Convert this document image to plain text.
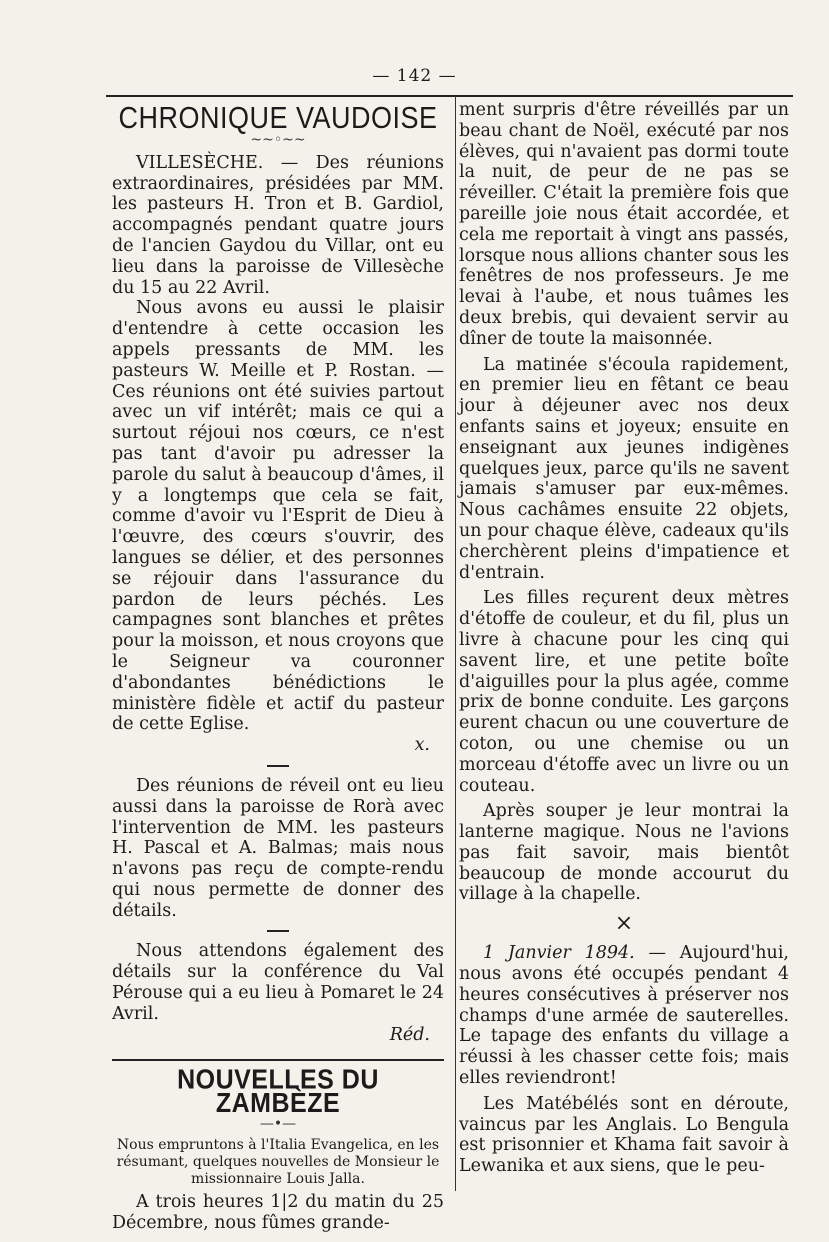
— 142 —
CHRONIQUE VAUDOISE
~~◦~~

VILLESÈCHE. — Des réunions extraordinaires, présidées par MM. les pasteurs H. Tron et B. Gardiol, accompagnés pendant quatre jours de l'ancien Gaydou du Villar, ont eu lieu dans la paroisse de Villesèche du 15 au 22 Avril.

Nous avons eu aussi le plaisir d'entendre à cette occasion les appels pressants de MM. les pasteurs W. Meille et P. Rostan. — Ces réunions ont été suivies partout avec un vif intérêt; mais ce qui a surtout réjoui nos cœurs, ce n'est pas tant d'avoir pu adresser la parole du salut à beaucoup d'âmes, il y a longtemps que cela se fait, comme d'avoir vu l'Esprit de Dieu à l'œuvre, des cœurs s'ouvrir, des langues se délier, et des personnes se réjouir dans l'assurance du pardon de leurs péchés. Les campagnes sont blanches et prêtes pour la moisson, et nous croyons que le Seigneur va couronner d'abondantes bénédictions le ministère fidèle et actif du pasteur de cette Eglise.

x.

Des réunions de réveil ont eu lieu aussi dans la paroisse de Rorà avec l'intervention de MM. les pasteurs H. Pascal et A. Balmas; mais nous n'avons pas reçu de compte-rendu qui nous permette de donner des détails.

Nous attendons également des détails sur la conférence du Val Pérouse qui a eu lieu à Pomaret le 24 Avril.

Réd.

NOUVELLES DU ZAMBÈZE
—•—

Nous empruntons à l'Italia Evangelica, en les résumant, quelques nouvelles de Monsieur le missionnaire Louis Jalla.

A trois heures 1|2 du matin du 25 Décembre, nous fûmes grande-

ment surpris d'être réveillés par un beau chant de Noël, exécuté par nos élèves, qui n'avaient pas dormi toute la nuit, de peur de ne pas se réveiller. C'était la première fois que pareille joie nous était accordée, et cela me reportait à vingt ans passés, lorsque nous allions chanter sous les fenêtres de nos professeurs. Je me levai à l'aube, et nous tuâmes les deux brebis, qui devaient servir au dîner de toute la maisonnée.

La matinée s'écoula rapidement, en premier lieu en fêtant ce beau jour à déjeuner avec nos deux enfants sains et joyeux; ensuite en enseignant aux jeunes indigènes quelques jeux, parce qu'ils ne savent jamais s'amuser par eux-mêmes. Nous cachâmes ensuite 22 objets, un pour chaque élève, cadeaux qu'ils cherchèrent pleins d'impatience et d'entrain.

Les filles reçurent deux mètres d'étoffe de couleur, et du fil, plus un livre à chacune pour les cinq qui savent lire, et une petite boîte d'aiguilles pour la plus agée, comme prix de bonne conduite. Les garçons eurent chacun ou une couverture de coton, ou une chemise ou un morceau d'étoffe avec un livre ou un couteau.

Après souper je leur montrai la lanterne magique. Nous ne l'avions pas fait savoir, mais bientôt beaucoup de monde accourut du village à la chapelle.

×

1 Janvier 1894. — Aujourd'hui, nous avons été occupés pendant 4 heures consécutives à préserver nos champs d'une armée de sauterelles. Le tapage des enfants du village a réussi à les chasser cette fois; mais elles reviendront!

Les Matébélés sont en déroute, vaincus par les Anglais. Lo Bengula est prisonnier et Khama fait savoir à Lewanika et aux siens, que le peu-
